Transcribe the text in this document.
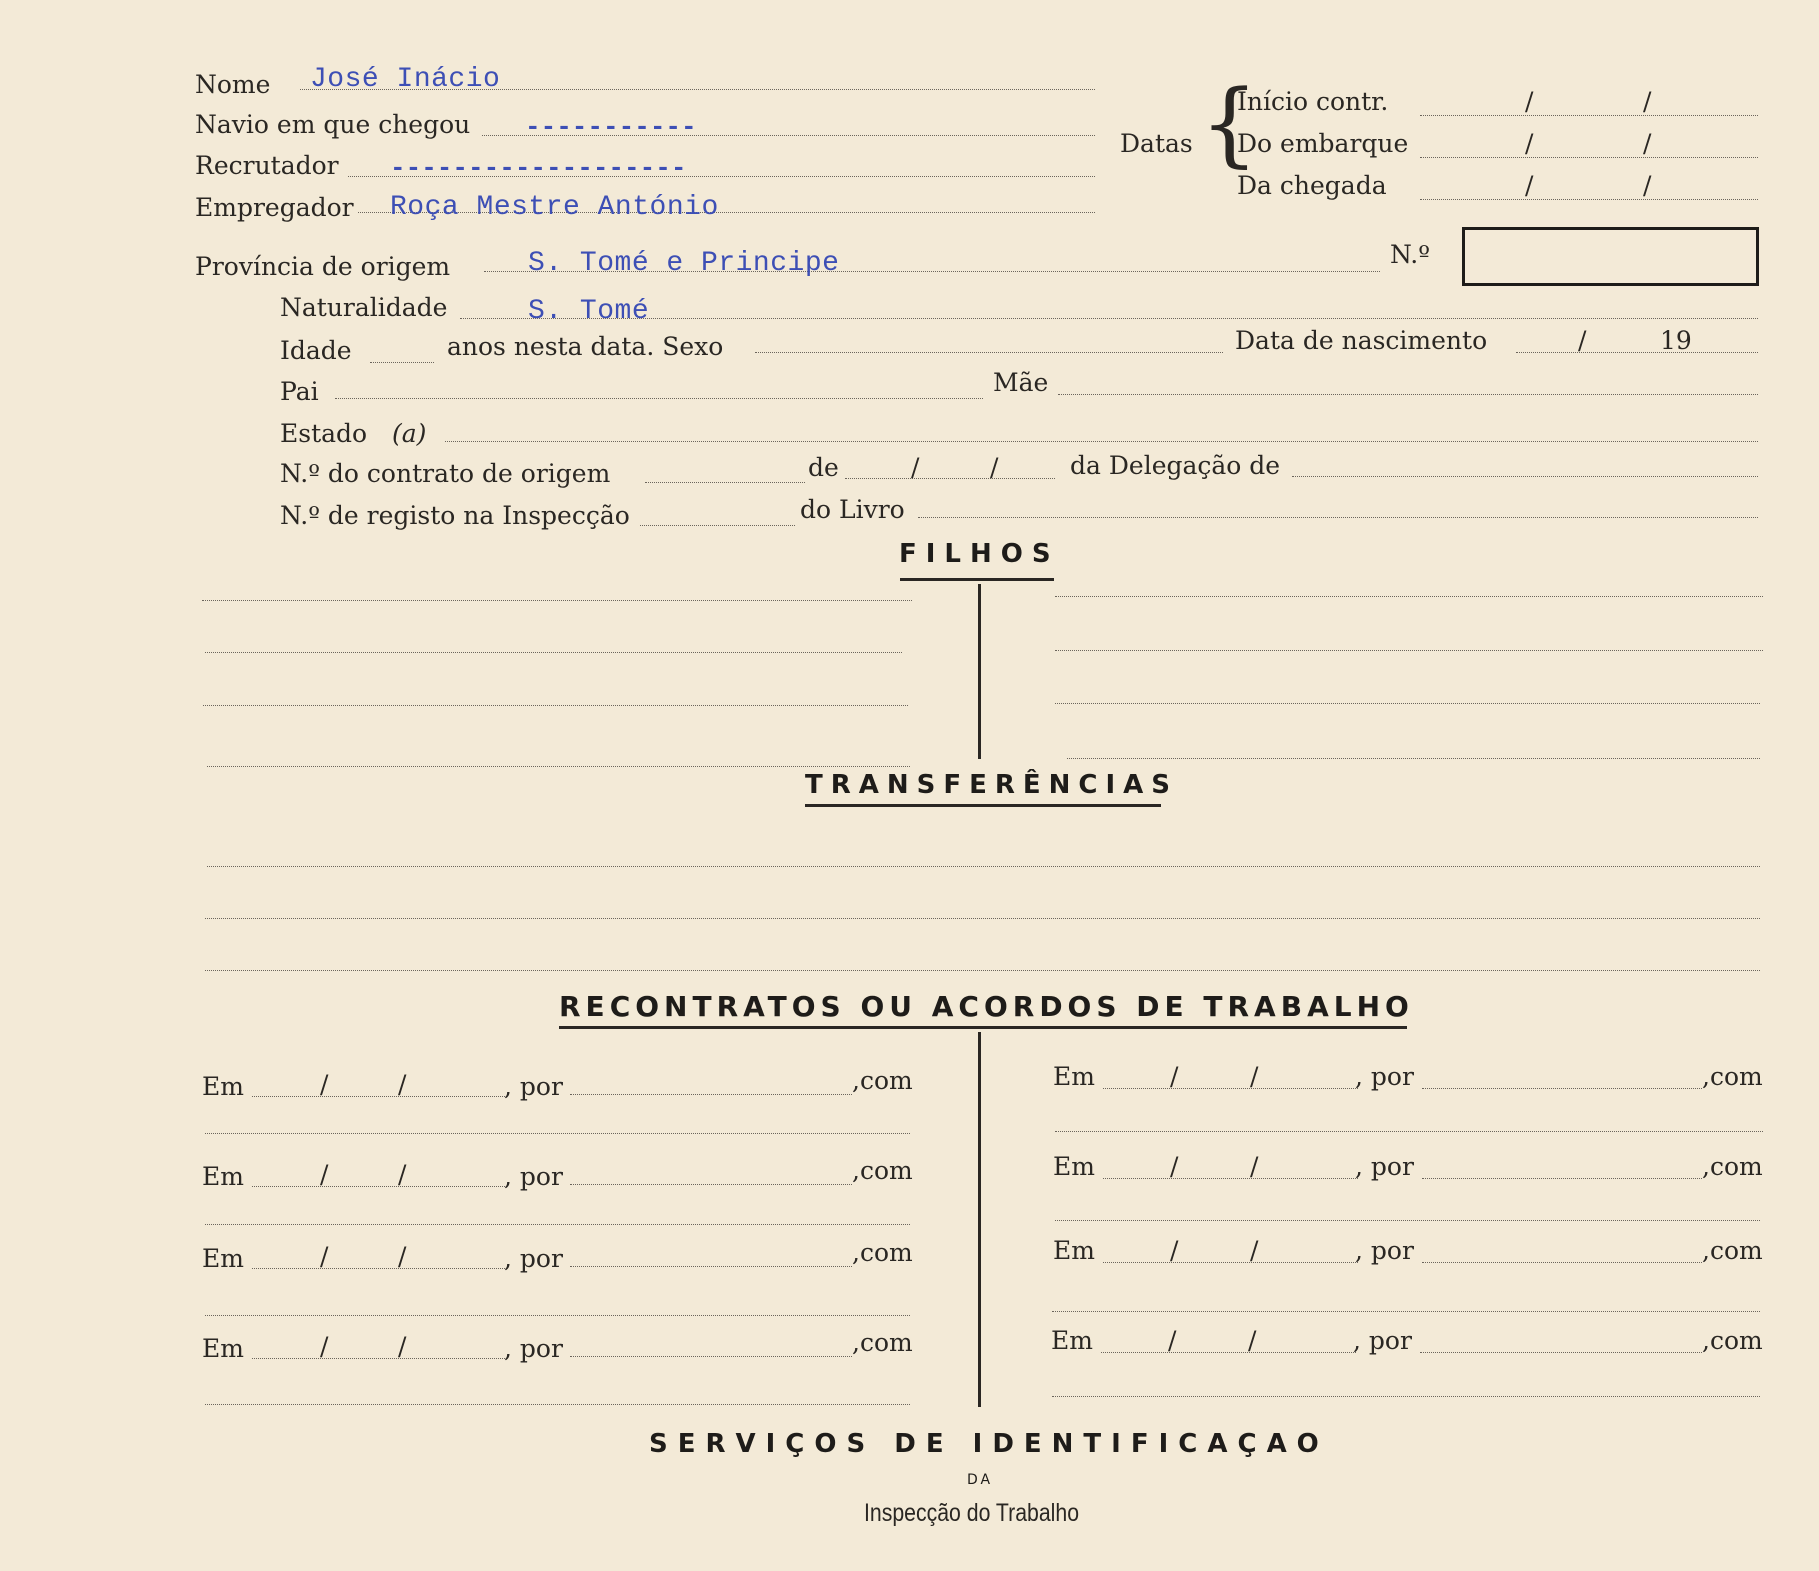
Nome José Inácio
Navio em que chegou -----------
Recrutador -------------------
Empregador Roça Mestre António
Datas {
Início contr.	/	/
Do embarque	/	/
Da chegada	/	/
N.º
Província de origem	S. Tomé e Principe
Naturalidade	S. Tomé
Idade	anos nesta data. Sexo	Data de nascimento	/	19
Pai	Mãe
Estado (a)
N.º do contrato de origem	de	/	/	da Delegação de
N.º de registo na Inspecção	do Livro
FILHOS
TRANSFERÊNCIAS
RECONTRATOS OU ACORDOS DE TRABALHO
Em	/	/	, por	,com
Em	/	/	, por	,com
Em	/	/	, por	,com
Em	/	/	, por	,com
Em	/	/	, por	,com
Em	/	/	, por	,com
Em	/	/	, por	,com
Em	/	/	, por	,com
SERVIÇOS DE IDENTIFICAÇAO
DA
Inspecção do Trabalho
